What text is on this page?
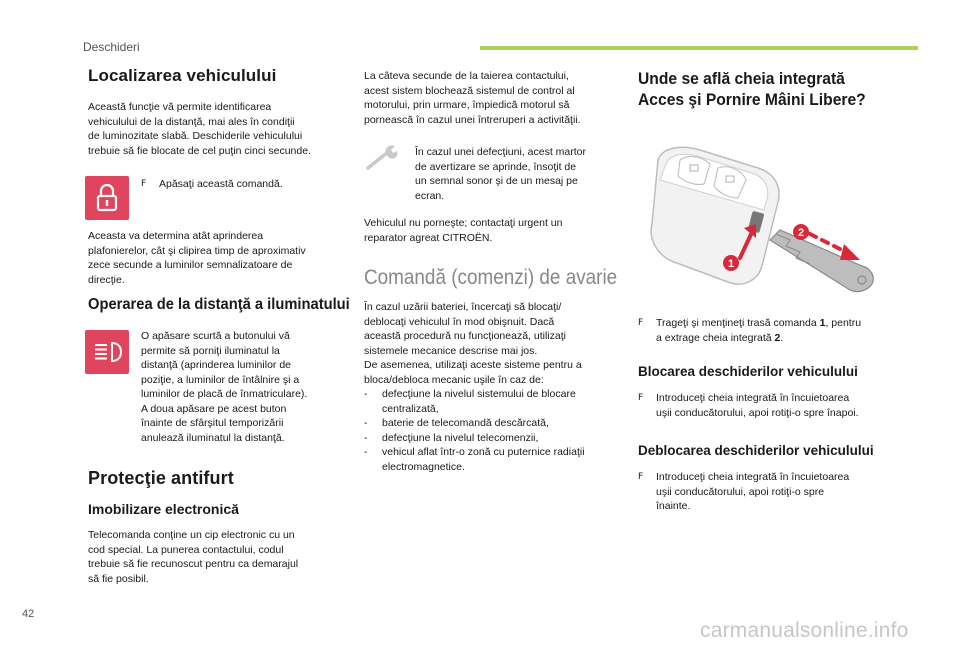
Deschideri
Localizarea vehiculului
Această funcţie vă permite identificarea
vehiculului de la distanţă, mai ales în condiţii
de luminozitate slabă. Deschiderile vehiculului
trebuie să fie blocate de cel puţin cinci secunde.
F	Apăsaţi această comandă.
Aceasta va determina atât aprinderea
plafonierelor, cât şi clipirea timp de aproximativ
zece secunde a luminilor semnalizatoare de
direcţie.
Operarea de la distanţă a iluminatului
O apăsare scurtă a butonului vă
permite să porniţi iluminatul la
distanţă (aprinderea luminilor de
poziţie, a luminilor de întâlnire şi a
luminilor de placă de înmatriculare).
A doua apăsare pe acest buton
înainte de sfârşitul temporizării
anulează iluminatul la distanţă.
Protecţie antifurt
Imobilizare electronică
Telecomanda conţine un cip electronic cu un
cod special. La punerea contactului, codul
trebuie să fie recunoscut pentru ca demarajul
să fie posibil.
La câteva secunde de la taierea contactului,
acest sistem blochează sistemul de control al
motorului, prin urmare, împiedică motorul să
pornească în cazul unei întreruperi a activităţii.
În cazul unei defecţiuni, acest martor
de avertizare se aprinde, însoţit de
un semnal sonor şi de un mesaj pe
ecran.
Vehiculul nu porneşte; contactaţi urgent un
reparator agreat CITROËN.
Comandă (comenzi) de avarie
În cazul uzării bateriei, încercaţi să blocaţi/
deblocaţi vehiculul în mod obişnuit. Dacă
această procedură nu funcţionează, utilizaţi
sistemele mecanice descrise mai jos.
De asemenea, utilizaţi aceste sisteme pentru a
bloca/debloca mecanic uşile în caz de:
- defecţiune la nivelul sistemului de blocare
centralizată,
- baterie de telecomandă descărcată,
- defecţiune la nivelul telecomenzii,
- vehicul aflat într-o zonă cu puternice radiaţii
electromagnetice.
Unde se află cheia integrată
Acces şi Pornire Mâini Libere?
1
2
F	Trageţi şi menţineţi trasă comanda 1, pentru
a extrage cheia integrată 2.
Blocarea deschiderilor vehiculului
F Introduceţi cheia integrată în încuietoarea
uşii conducătorului, apoi rotiţi-o spre înapoi.
Deblocarea deschiderilor vehiculului
F Introduceţi cheia integrată în încuietoarea
uşii conducătorului, apoi rotiţi-o spre
înainte.
42
carmanualsonline.info
